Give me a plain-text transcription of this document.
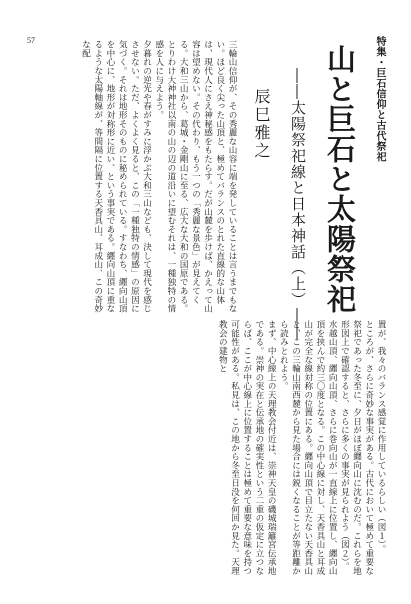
57	特集・巨石信仰と古代祭祀
山と巨石と太陽祭祀
――太陽祭祀線と日本神話（上）――
辰巳雅之
三輪山信仰が、その秀麗な山容に端を発していることは言うまでもない。ほど良く尖った山頂と、極めてバランスのとれた直線的な山体は、現代人にさえ神秘感をもたらす。だが山麓を歩けば、かえって山容は望めない。その代わり、もう一つの「秀麗な景色」が見えてくる。大和三山から、葛城・金剛山に至る、広大な大和の国原である。とりわけ大神神社以南の山の辺の道沿いに望むそれは、一種独特の情感を人に与えよう。
夕暮れの逆光や春がすみに浮かぶ大和三山なども、決して現代を感じさせない。ただ、よくよく見ると、この「一種独特の情感」の原因に気づく。それは地形そのものに秘められている。すなわち、纒向山頂を中心に、地形が対称形に近い、という事実である。纒向山頂に重なるような太陽軸線が、等間隔に位置する天香具山、耳成山、この奇妙な配
置が、我々のバランス感覚に作用しているらしい（図１）。
ところが、さらに奇妙な事実がある。古代において極めて重要な祭祀であった冬至に、夕日がほぼ纒向山に沈むのだ。これらを地形図上で確認すると、さらに多くの事実が見られよう（図２）。水越山頂、纒向山頂、さらに巻向山が一直線上に位置し、纒向山頂を挟んで約三〇度となる。この中心線に対し、天香具山と耳成山が完全な線対称の位置にある。纒向山頂で目立たない天香具山と、この三輪山南西麓から見た場合には鋭くなることが等距離から読みとれよう。
まず、中心線上の天理教会付近は、崇神天皇の磯城瑞籬宮伝承地である。崇神の実在と伝承地の確実性という二重の仮定に立つならば、ここが中心線上に位置することは極めて重要な意味を持つ可能性がある。私見は、この地から冬至日没を何回か見た。天理教会の建物と
